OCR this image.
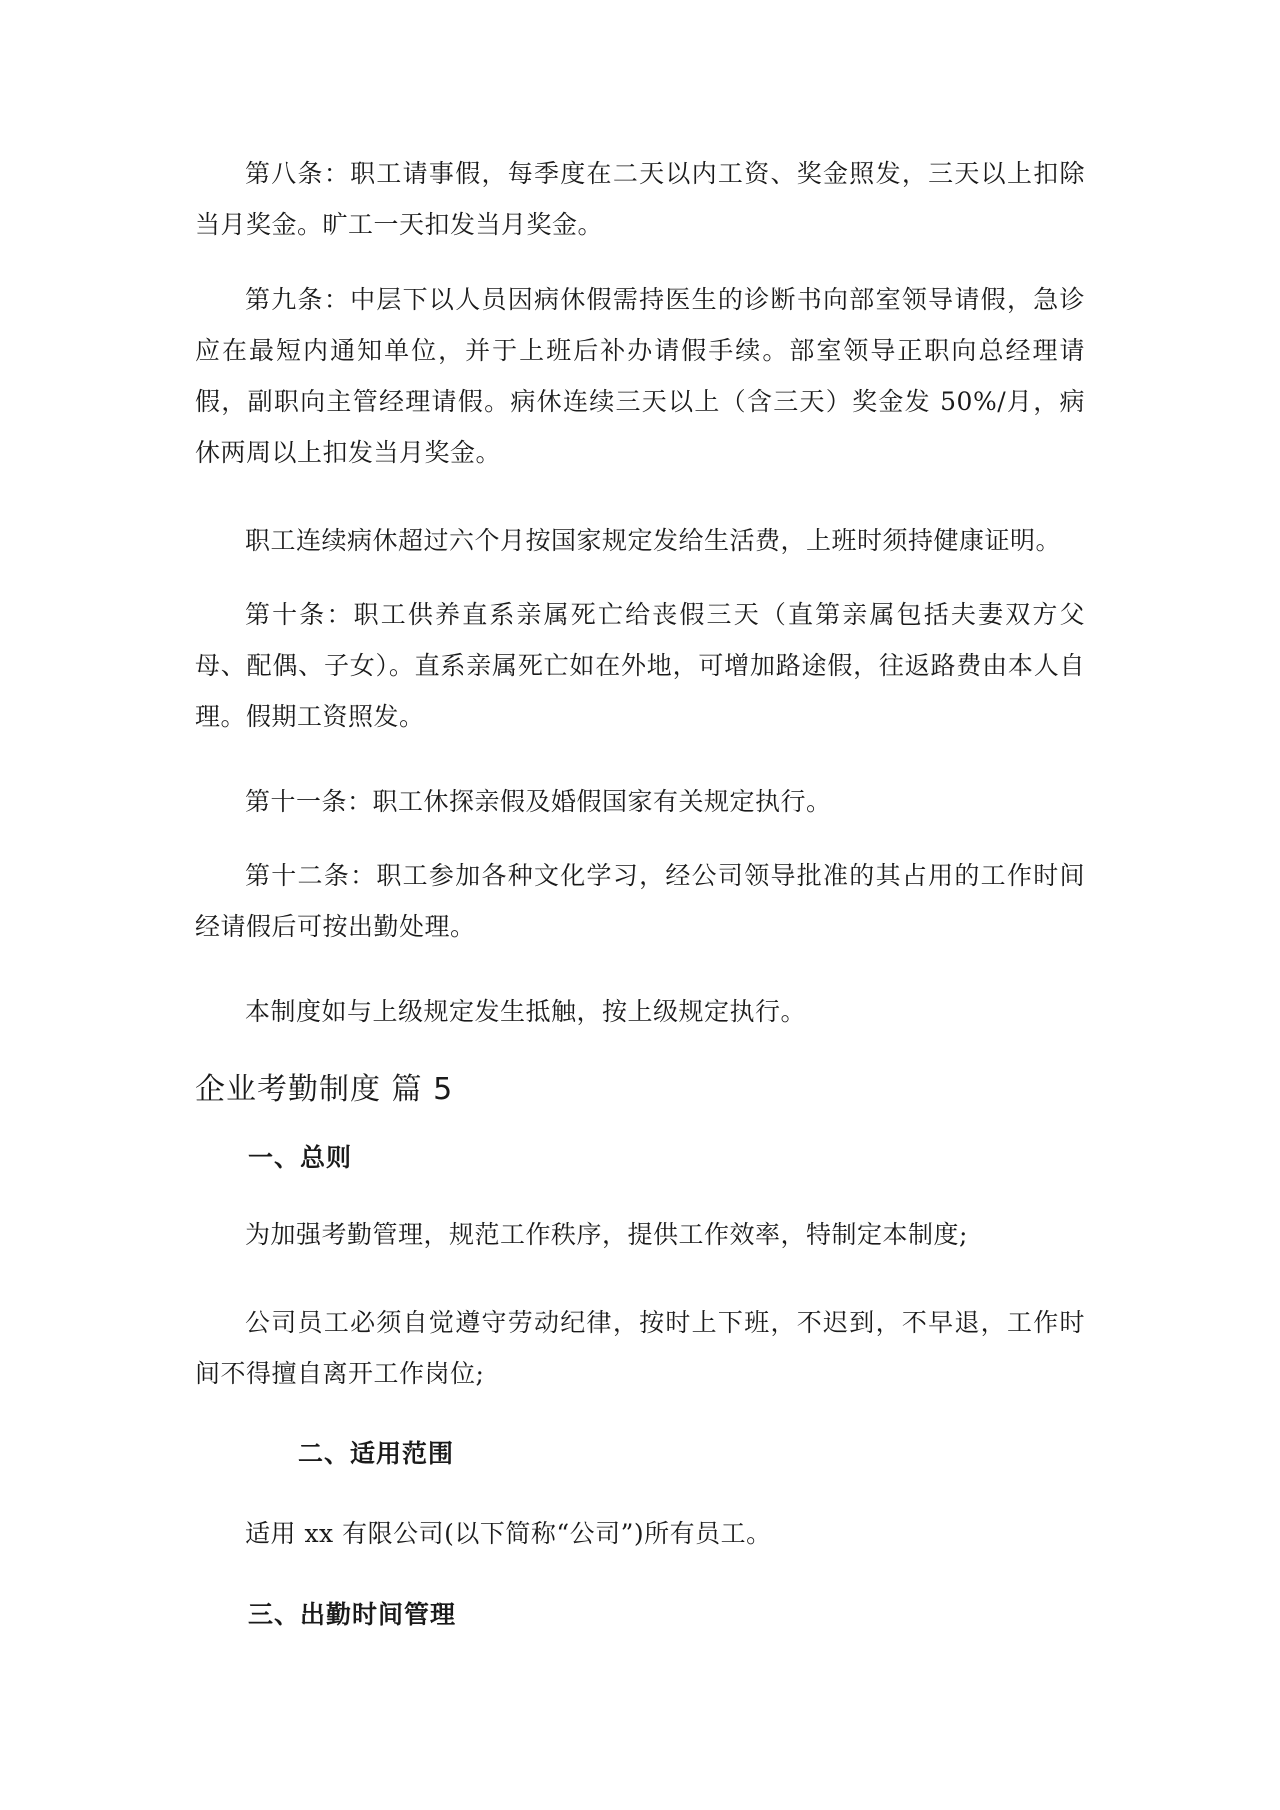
第八条：职工请事假，每季度在二天以内工资、奖金照发，三天以上扣除当月奖金。旷工一天扣发当月奖金。

第九条：中层下以人员因病休假需持医生的诊断书向部室领导请假，急诊应在最短内通知单位，并于上班后补办请假手续。部室领导正职向总经理请假，副职向主管经理请假。病休连续三天以上（含三天）奖金发 50%/月，病休两周以上扣发当月奖金。

职工连续病休超过六个月按国家规定发给生活费，上班时须持健康证明。

第十条：职工供养直系亲属死亡给丧假三天（直第亲属包括夫妻双方父母、配偶、子女）。直系亲属死亡如在外地，可增加路途假，往返路费由本人自理。假期工资照发。

第十一条：职工休探亲假及婚假国家有关规定执行。

第十二条：职工参加各种文化学习，经公司领导批准的其占用的工作时间经请假后可按出勤处理。

本制度如与上级规定发生抵触，按上级规定执行。

企业考勤制度 篇 5
一、总则

为加强考勤管理，规范工作秩序，提供工作效率，特制定本制度;

公司员工必须自觉遵守劳动纪律，按时上下班，不迟到，不早退，工作时间不得擅自离开工作岗位;

二、适用范围

适用 xx 有限公司(以下简称“公司”)所有员工。

三、出勤时间管理
